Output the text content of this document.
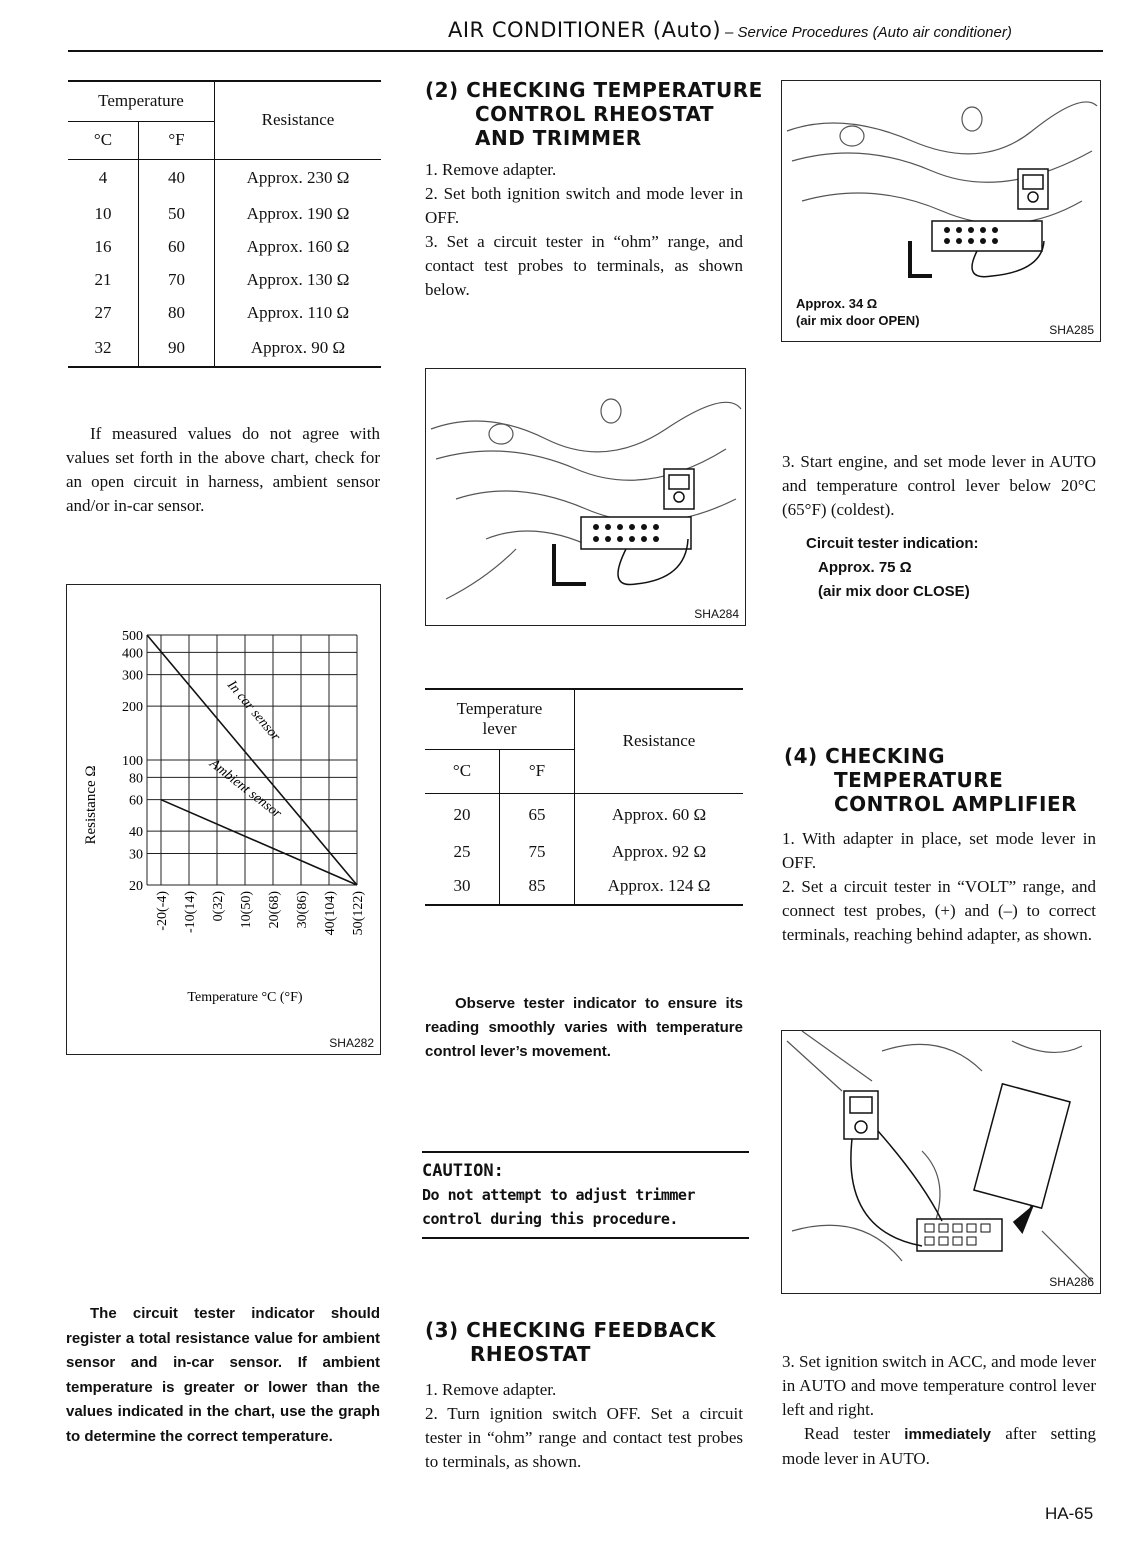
AIR CONDITIONER (Auto) – Service Procedures (Auto air conditioner)
Temperature		Resistance
°C	°F	
4	40	Approx. 230 Ω
10	50	Approx. 190 Ω
16	60	Approx. 160 Ω
21	70	Approx. 130 Ω
27	80	Approx. 110 Ω
32	90	Approx. 90 Ω

If measured values do not agree with values set forth in the above chart, check for an open circuit in harness, ambient sensor and/or in-car sensor.

500
400
300
200
100
80
60
40
30
20
-20(-4) -10(14) 0(32) 10(50) 20(68) 30(86) 40(104) 50(122)
Resistance Ω
Temperature °C (°F)
In car sensor
Ambient sensor
SHA282

The circuit tester indicator should register a total resistance value for ambient sensor and in-car sensor. If ambient temperature is greater or lower than the values indicated in the chart, use the graph to determine the correct temperature.

(2) CHECKING TEMPERATURE
CONTROL RHEOSTAT
AND TRIMMER

1. Remove adapter.

2. Set both ignition switch and mode lever in OFF.

3. Set a circuit tester in “ohm” range, and contact test probes to terminals, as shown below.

SHA284
Temperature
lever		Resistance
°C	°F	
20	65	Approx. 60 Ω
25	75	Approx. 92 Ω
30	85	Approx. 124 Ω

Observe tester indicator to ensure its reading smoothly varies with temperature control lever’s movement.

CAUTION:
Do not attempt to adjust trimmer control during this procedure.
(3) CHECKING FEEDBACK
RHEOSTAT

1. Remove adapter.

2. Turn ignition switch OFF. Set a circuit tester in “ohm” range and contact test probes to terminals, as shown.

Approx. 34 Ω
(air mix door OPEN)
SHA285

3. Start engine, and set mode lever in AUTO and temperature control lever below 20°C (65°F) (coldest).

Circuit tester indication:
Approx. 75 Ω
(air mix door CLOSE)
(4) CHECKING
TEMPERATURE
CONTROL AMPLIFIER

1. With adapter in place, set mode lever in OFF.

2. Set a circuit tester in “VOLT” range, and connect test probes, (+) and (–) to correct terminals, reaching behind adapter, as shown.

SHA286

3. Set ignition switch in ACC, and mode lever in AUTO and move temperature control lever left and right.

Read tester immediately after setting mode lever in AUTO.

HA-65
